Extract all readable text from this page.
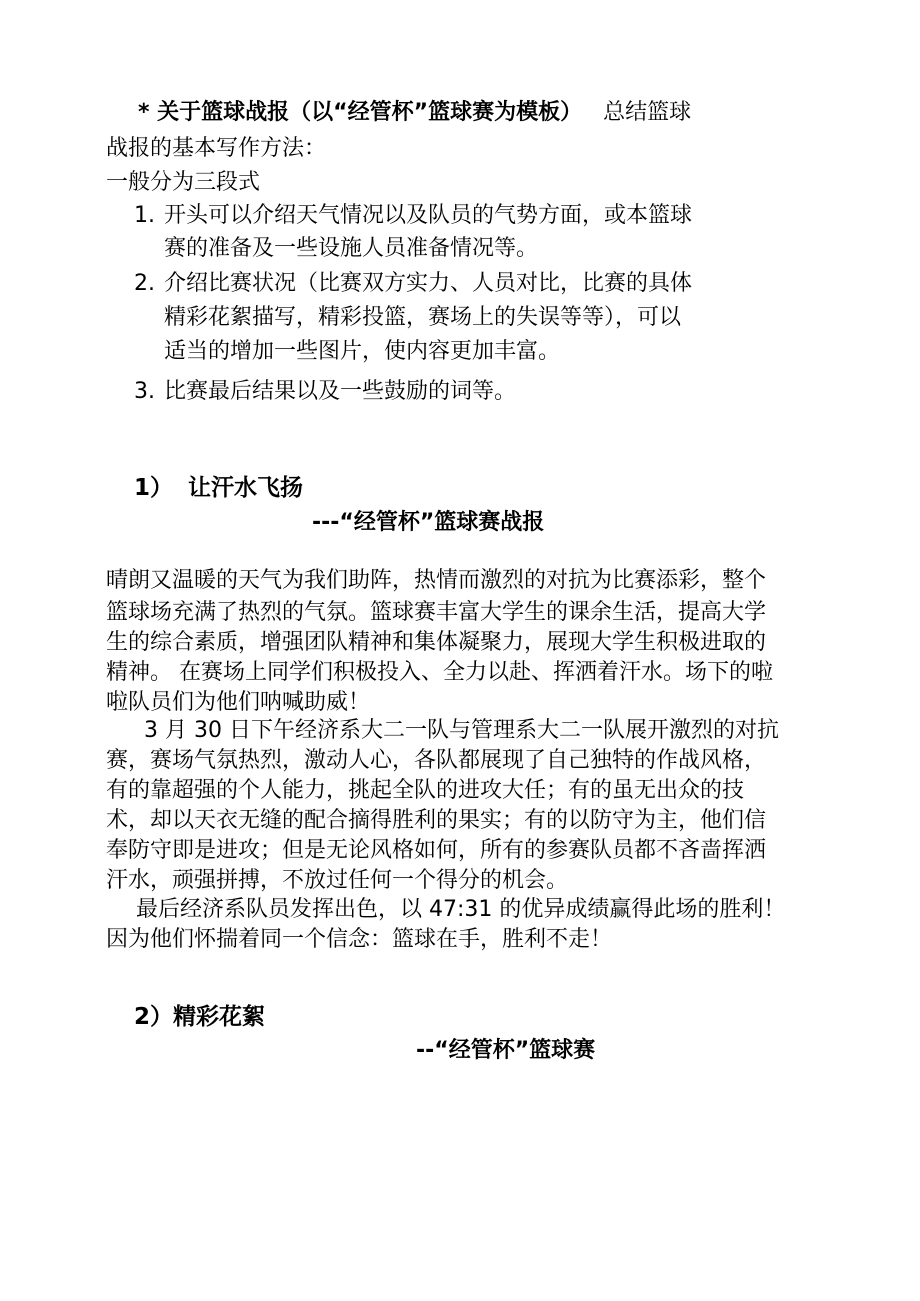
* 关于篮球战报（以“经管杯”篮球赛为模板） 总结篮球
战报的基本写作方法：
一般分为三段式
1. 开头可以介绍天气情况以及队员的气势方面，或本篮球
赛的准备及一些设施人员准备情况等。
2. 介绍比赛状况（比赛双方实力、人员对比，比赛的具体
精彩花絮描写，精彩投篮，赛场上的失误等等），可以
适当的增加一些图片，使内容更加丰富。
3. 比赛最后结果以及一些鼓励的词等。
1） 让汗水飞扬
---“经管杯”篮球赛战报
晴朗又温暖的天气为我们助阵，热情而激烈的对抗为比赛添彩，整个
篮球场充满了热烈的气氛。篮球赛丰富大学生的课余生活，提高大学
生的综合素质，增强团队精神和集体凝聚力，展现大学生积极进取的
精神。 在赛场上同学们积极投入、全力以赴、挥洒着汗水。场下的啦
啦队员们为他们呐喊助威！
3 月 30 日下午经济系大二一队与管理系大二一队展开激烈的对抗
赛，赛场气氛热烈，激动人心，各队都展现了自己独特的作战风格，
有的靠超强的个人能力，挑起全队的进攻大任；有的虽无出众的技
术，却以天衣无缝的配合摘得胜利的果实；有的以防守为主，他们信
奉防守即是进攻；但是无论风格如何，所有的参赛队员都不吝啬挥洒
汗水，顽强拼搏，不放过任何一个得分的机会。
最后经济系队员发挥出色，以 47:31 的优异成绩赢得此场的胜利！
因为他们怀揣着同一个信念：篮球在手，胜利不走！
2）精彩花絮
--“经管杯”篮球赛
